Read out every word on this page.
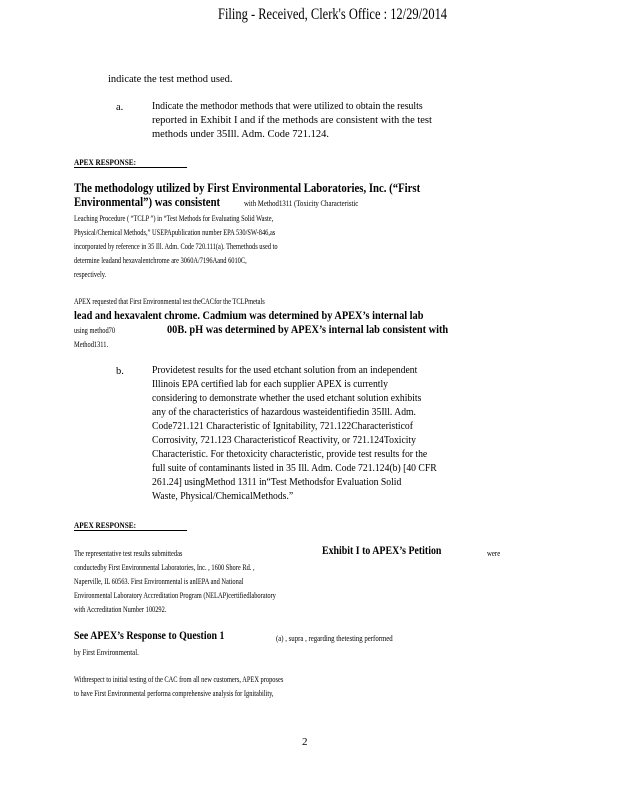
Filing - Received, Clerk's Office : 12/29/2014
indicate the test method used.
a.	Indicate the methodor methods that were utilized to obtain the results
reported in Exhibit I and if the methods are consistent with the test
methods under 35Ill. Adm. Code 721.124.
APEX RESPONSE:
The methodology utilized by First Environmental Laboratories, Inc. (“First
Environmental”) was consistent	with Method1311 (Toxicity Characteristic
Leaching Procedure ( “TCLP ”) in “Test Methods for Evaluating Solid Waste,
Physical/Chemical Methods,” USEPApublication number EPA 530/SW-846,as
incorporated by reference in 35 Ill. Adm. Code 720.111(a). Themethods used to
determine leadand hexavalentchrome are 3060A/7196Aand 6010C,
respectively.
APEX requested that First Environmental test theCACfor the TCLPmetals
lead and hexavalent chrome. Cadmium was determined by APEX’s internal lab
using method70	00B. pH was determined by APEX’s internal lab consistent with
Method1311.
b.	Providetest results for the used etchant solution from an independent
Illinois EPA certified lab for each supplier APEX is currently
considering to demonstrate whether the used etchant solution exhibits
any of the characteristics of hazardous wasteidentifiedin 35Ill. Adm.
Code721.121 Characteristic of Ignitability, 721.122Characteristicof
Corrosivity, 721.123 Characteristicof Reactivity, or 721.124Toxicity
Characteristic. For thetoxicity characteristic, provide test results for the
full suite of contaminants listed in 35 Ill. Adm. Code 721.124(b) [40 CFR
261.24] usingMethod 1311 in“Test Methodsfor Evaluation Solid
Waste, Physical/ChemicalMethods.”
APEX RESPONSE:
The representative test results submittedas	Exhibit I to APEX’s Petition	were
conductedby First Environmental Laboratories, Inc. , 1600 Shore Rd. ,
Naperville, IL 60563. First Environmental is anIEPA and National
Environmental Laboratory Accreditation Program (NELAP)certifiedlaboratory
with Accreditation Number 100292.
See APEX’s Response to Question 1	(a) , supra , regarding thetesting performed
by First Environmental.
Withrespect to initial testing of the CAC from all new customers, APEX proposes
to have First Environmental performa comprehensive analysis for Ignitability,
2
